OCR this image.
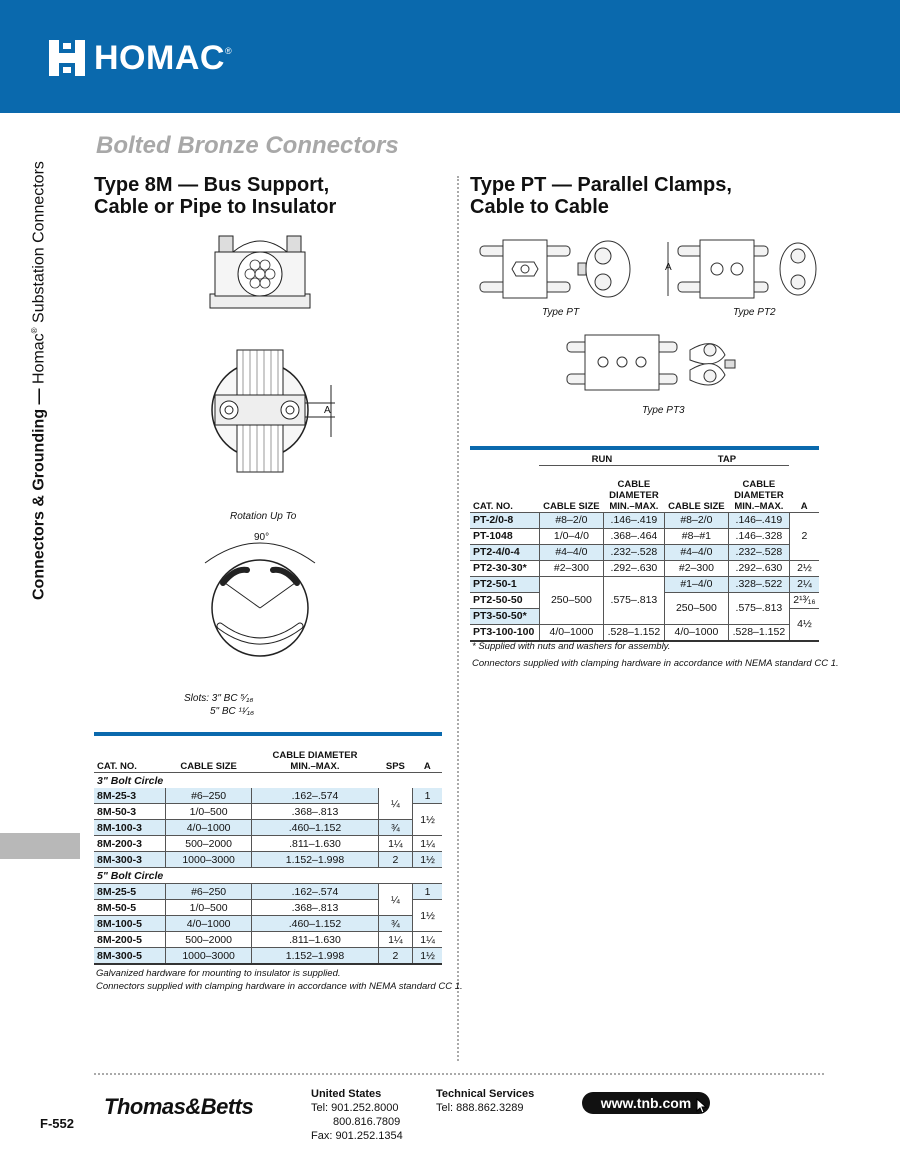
HOMAC ®
Connectors & Grounding — Homac® Substation Connectors
Bolted Bronze Connectors
Type 8M — Bus Support,
Cable or Pipe to Insulator
Type PT — Parallel Clamps,
Cable to Cable
A
Rotation Up To
90°
Slots: 3" BC ⁵⁄₁₆
5" BC ¹¹⁄₁₆
CAT. NO.	CABLE SIZE	CABLE DIAMETER
MIN.–MAX.	SPS	A
3" Bolt Circle				
8M-25-3	#6–250	.162–.574	¼	1
8M-50-3	1/0–500	.368–.813		1½
8M-100-3	4/0–1000	.460–1.152	¾	
8M-200-3	500–2000	.811–1.630	1¼	1¼
8M-300-3	1000–3000	1.152–1.998	2	1½
5" Bolt Circle				
8M-25-5	#6–250	.162–.574	¼	1
8M-50-5	1/0–500	.368–.813		1½
8M-100-5	4/0–1000	.460–1.152	¾	
8M-200-5	500–2000	.811–1.630	1¼	1¼
8M-300-5	1000–3000	1.152–1.998	2	1½
Galvanized hardware for mounting to insulator is supplied.
Connectors supplied with clamping hardware in accordance with NEMA standard CC 1.
A
Type PT	Type PT2
Type PT3
	RUN		TAP		
CAT. NO.	CABLE SIZE	CABLE
DIAMETER
MIN.–MAX.	CABLE SIZE	CABLE
DIAMETER
MIN.–MAX.	A
PT-2/0-8	#8–2/0	.146–.419	#8–2/0	.146–.419	2
PT-1048	1/0–4/0	.368–.464	#8–#1	.146–.328	
PT2-4/0-4	#4–4/0	.232–.528	#4–4/0	.232–.528	
PT2-30-30*	#2–300	.292–.630	#2–300	.292–.630	2½
PT2-50-1	250–500	.575–.813	#1–4/0	.328–.522	2¼
PT2-50-50			250–500	.575–.813	2¹³⁄₁₆
PT3-50-50*					4½
PT3-100-100	4/0–1000	.528–1.152	4/0–1000	.528–1.152	
* Supplied with nuts and washers for assembly.
Connectors supplied with clamping hardware in accordance with NEMA standard CC 1.
Thomas&Betts	United States
Tel: 901.252.8000
800.816.7809
Fax: 901.252.1354
Technical Services
Tel: 888.862.3289	www.tnb.com
F-552
